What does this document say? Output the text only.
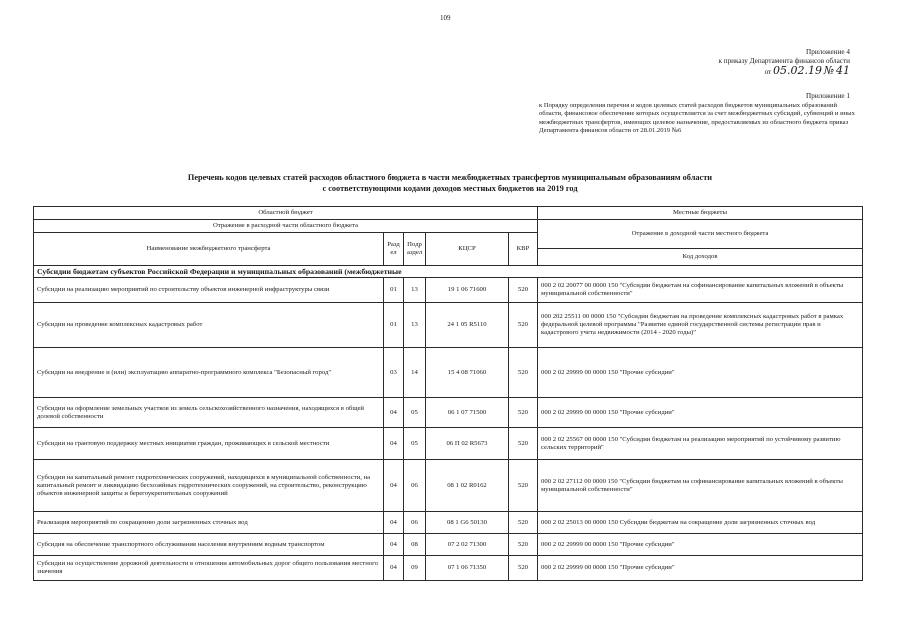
109
Приложение 4
к приказу Департамента финансов области
от 05.02.19 № 41
Приложение 1
к Порядку определения перечня и кодов целевых статей расходов бюджетов муниципальных образований области, финансовое обеспечение которых осуществляется за счет межбюджетных субсидий, субвенций и иных межбюджетных трансфертов, имеющих целевое назначение, предоставляемых из областного бюджета приказ Департамента финансов области от 28.01.2019 №6
Перечень кодов целевых статей расходов областного бюджета в части межбюджетных трансфертов муниципальным образованиям области
с соответствующими кодами доходов местных бюджетов на 2019 год
Областной бюджет					Местные бюджеты
Отражение в расходной части областного бюджета					Отражение в доходной части местного бюджета
Наименование межбюджетного трансферта	Разд ел	Подр аздел	КЦСР	КВР	
					Код доходов
Субсидии бюджетам субъектов Российской Федерации и муниципальных образований (межбюджетные					
Субсидии на реализацию мероприятий по строительству объектов инженерной инфраструктуры связи	01	13	19 1 06 71600	520	000 2 02 20077 00 0000 150 "Субсидии бюджетам на софинансирование капитальных вложений в объекты муниципальной собственности"
Субсидии на проведение комплексных кадастровых работ	01	13	24 1 05 R5110	520	000 202 25511 00 0000 150 "Субсидии бюджетам на проведение комплексных кадастровых работ в рамках федеральной целевой программы "Развитие единой государственной системы регистрации прав и кадастрового учета недвижимости (2014 - 2020 годы)"
Субсидии на внедрение и (или) эксплуатацию аппаратно-программного комплекса "Безопасный город"	03	14	15 4 08 71060	520	000 2 02 29999 00 0000 150 "Прочие субсидии"
Субсидии на оформление земельных участков из земель сельскохозяйственного назначения, находящихся в общей долевой собственности	04	05	06 1 07 71500	520	000 2 02 29999 00 0000 150 "Прочие субсидии"
Субсидии на грантовую поддержку местных инициатив граждан, проживающих в сельской местности	04	05	06 П 02 R5673	520	000 2 02 25567 00 0000 150 "Субсидии бюджетам на реализацию мероприятий по устойчивому развитию сельских территорий"
Субсидии на капитальный ремонт гидротехнических сооружений, находящихся в муниципальной собственности, на капитальный ремонт и ликвидацию бесхозяйных гидротехнических сооружений, на строительство, реконструкцию объектов инженерной защиты и берегоукрепительных сооружений	04	06	08 1 02 R0162	520	000 2 02 27112 00 0000 150 "Субсидии бюджетам на софинансирование капитальных вложений в объекты муниципальной собственности"
Реализация мероприятий по сокращению доли загрязненных сточных вод	04	06	08 1 G6 50130	520	000 2 02 25013 00 0000 150 Субсидии бюджетам на сокращение доли загрязненных сточных вод
Субсидия на обеспечение транспортного обслуживания населения внутренним водным транспортом	04	08	07 2 02 71300	520	000 2 02 29999 00 0000 150 "Прочие субсидии"
Субсидии на осуществление дорожной деятельности в отношении автомобильных дорог общего пользования местного значения	04	09	07 1 06 71350	520	000 2 02 29999 00 0000 150 "Прочие субсидии"
